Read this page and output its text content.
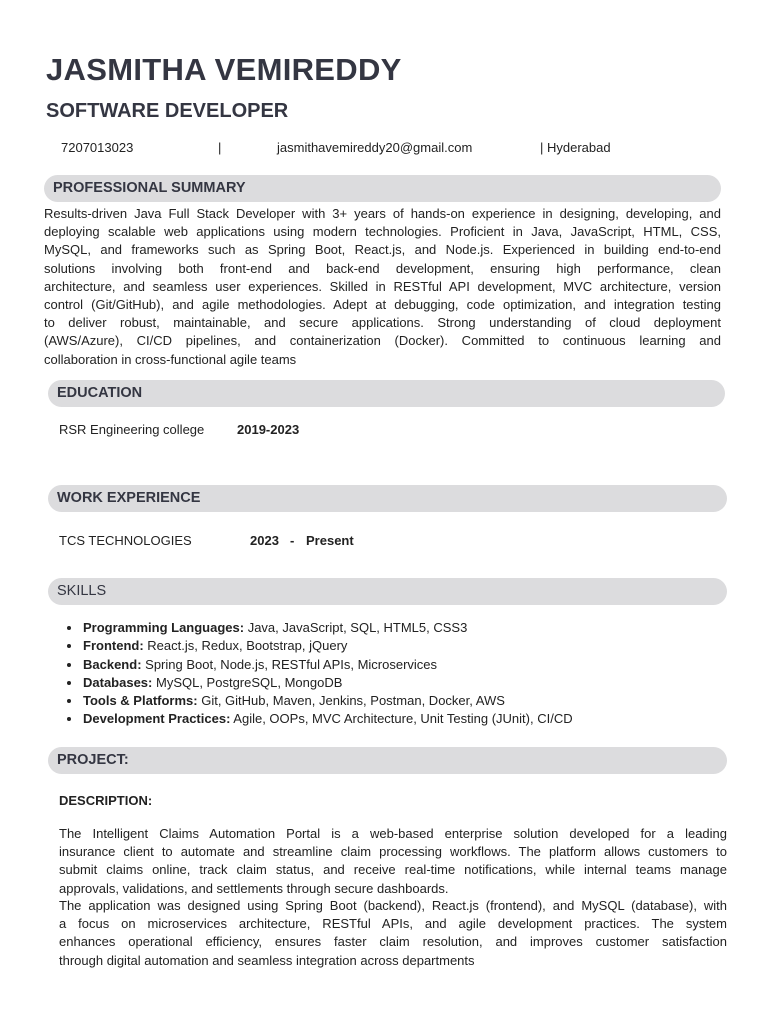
JASMITHA VEMIREDDY
SOFTWARE DEVELOPER
7207013023	|	jasmithavemireddy20@gmail.com	| Hyderabad
PROFESSIONAL SUMMARY
Results-driven Java Full Stack Developer with 3+ years of hands-on experience in designing, developing, and
deploying scalable web applications using modern technologies. Proficient in Java, JavaScript, HTML, CSS,
MySQL, and frameworks such as Spring Boot, React.js, and Node.js. Experienced in building end-to-end
solutions involving both front-end and back-end development, ensuring high performance, clean
architecture, and seamless user experiences. Skilled in RESTful API development, MVC architecture, version
control (Git/GitHub), and agile methodologies. Adept at debugging, code optimization, and integration testing
to deliver robust, maintainable, and secure applications. Strong understanding of cloud deployment
(AWS/Azure), CI/CD pipelines, and containerization (Docker). Committed to continuous learning and
collaboration in cross-functional agile teams
EDUCATION
RSR Engineering college	2019-2023
WORK EXPERIENCE
TCS TECHNOLOGIES	2023 - Present
SKILLS
Programming Languages: Java, JavaScript, SQL, HTML5, CSS3
Frontend: React.js, Redux, Bootstrap, jQuery
Backend: Spring Boot, Node.js, RESTful APIs, Microservices
Databases: MySQL, PostgreSQL, MongoDB
Tools & Platforms: Git, GitHub, Maven, Jenkins, Postman, Docker, AWS
Development Practices: Agile, OOPs, MVC Architecture, Unit Testing (JUnit), CI/CD
PROJECT:
DESCRIPTION:
The Intelligent Claims Automation Portal is a web-based enterprise solution developed for a leading
insurance client to automate and streamline claim processing workflows. The platform allows customers to
submit claims online, track claim status, and receive real-time notifications, while internal teams manage
approvals, validations, and settlements through secure dashboards.
The application was designed using Spring Boot (backend), React.js (frontend), and MySQL (database), with
a focus on microservices architecture, RESTful APIs, and agile development practices. The system
enhances operational efficiency, ensures faster claim resolution, and improves customer satisfaction
through digital automation and seamless integration across departments
